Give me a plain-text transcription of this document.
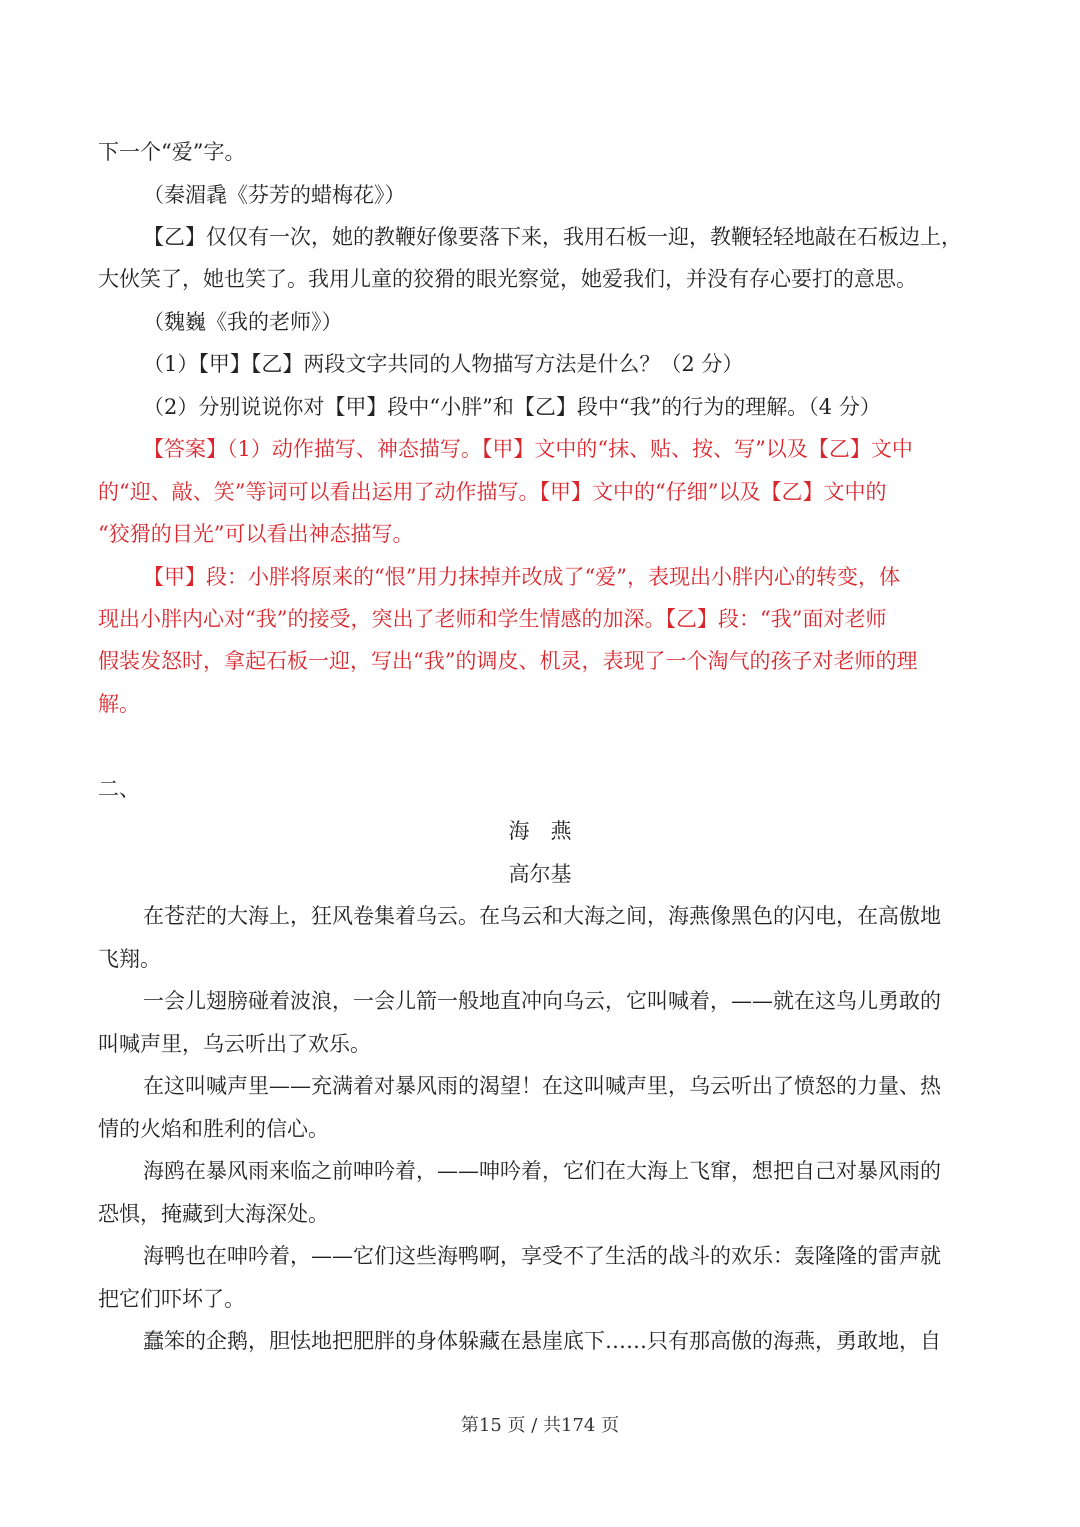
下一个“爱”字。
（秦湄毳《芬芳的蜡梅花》）
【乙】仅仅有一次，她的教鞭好像要落下来，我用石板一迎，教鞭轻轻地敲在石板边上，
大伙笑了，她也笑了。我用儿童的狡猾的眼光察觉，她爱我们，并没有存心要打的意思。
（魏巍《我的老师》）
（1）【甲】【乙】两段文字共同的人物描写方法是什么？（2 分）
（2）分别说说你对【甲】段中“小胖”和【乙】段中“我”的行为的理解。（4 分）
【答案】（1）动作描写、神态描写。【甲】文中的“抹、贴、按、写”以及【乙】文中
的“迎、敲、笑”等词可以看出运用了动作描写。【甲】文中的“仔细”以及【乙】文中的
“狡猾的目光”可以看出神态描写。
【甲】段：小胖将原来的“恨”用力抹掉并改成了“爱”，表现出小胖内心的转变，体
现出小胖内心对“我”的接受，突出了老师和学生情感的加深。【乙】段：“我”面对老师
假装发怒时，拿起石板一迎，写出“我”的调皮、机灵，表现了一个淘气的孩子对老师的理
解。
二、
海　燕
高尔基
在苍茫的大海上，狂风卷集着乌云。在乌云和大海之间，海燕像黑色的闪电，在高傲地
飞翔。
一会儿翅膀碰着波浪，一会儿箭一般地直冲向乌云，它叫喊着，——就在这鸟儿勇敢的
叫喊声里，乌云听出了欢乐。
在这叫喊声里——充满着对暴风雨的渴望！在这叫喊声里，乌云听出了愤怒的力量、热
情的火焰和胜利的信心。
海鸥在暴风雨来临之前呻吟着，——呻吟着，它们在大海上飞窜，想把自己对暴风雨的
恐惧，掩藏到大海深处。
海鸭也在呻吟着，——它们这些海鸭啊，享受不了生活的战斗的欢乐：轰隆隆的雷声就
把它们吓坏了。
蠢笨的企鹅，胆怯地把肥胖的身体躲藏在悬崖底下……只有那高傲的海燕，勇敢地，自
第15 页 / 共174 页
